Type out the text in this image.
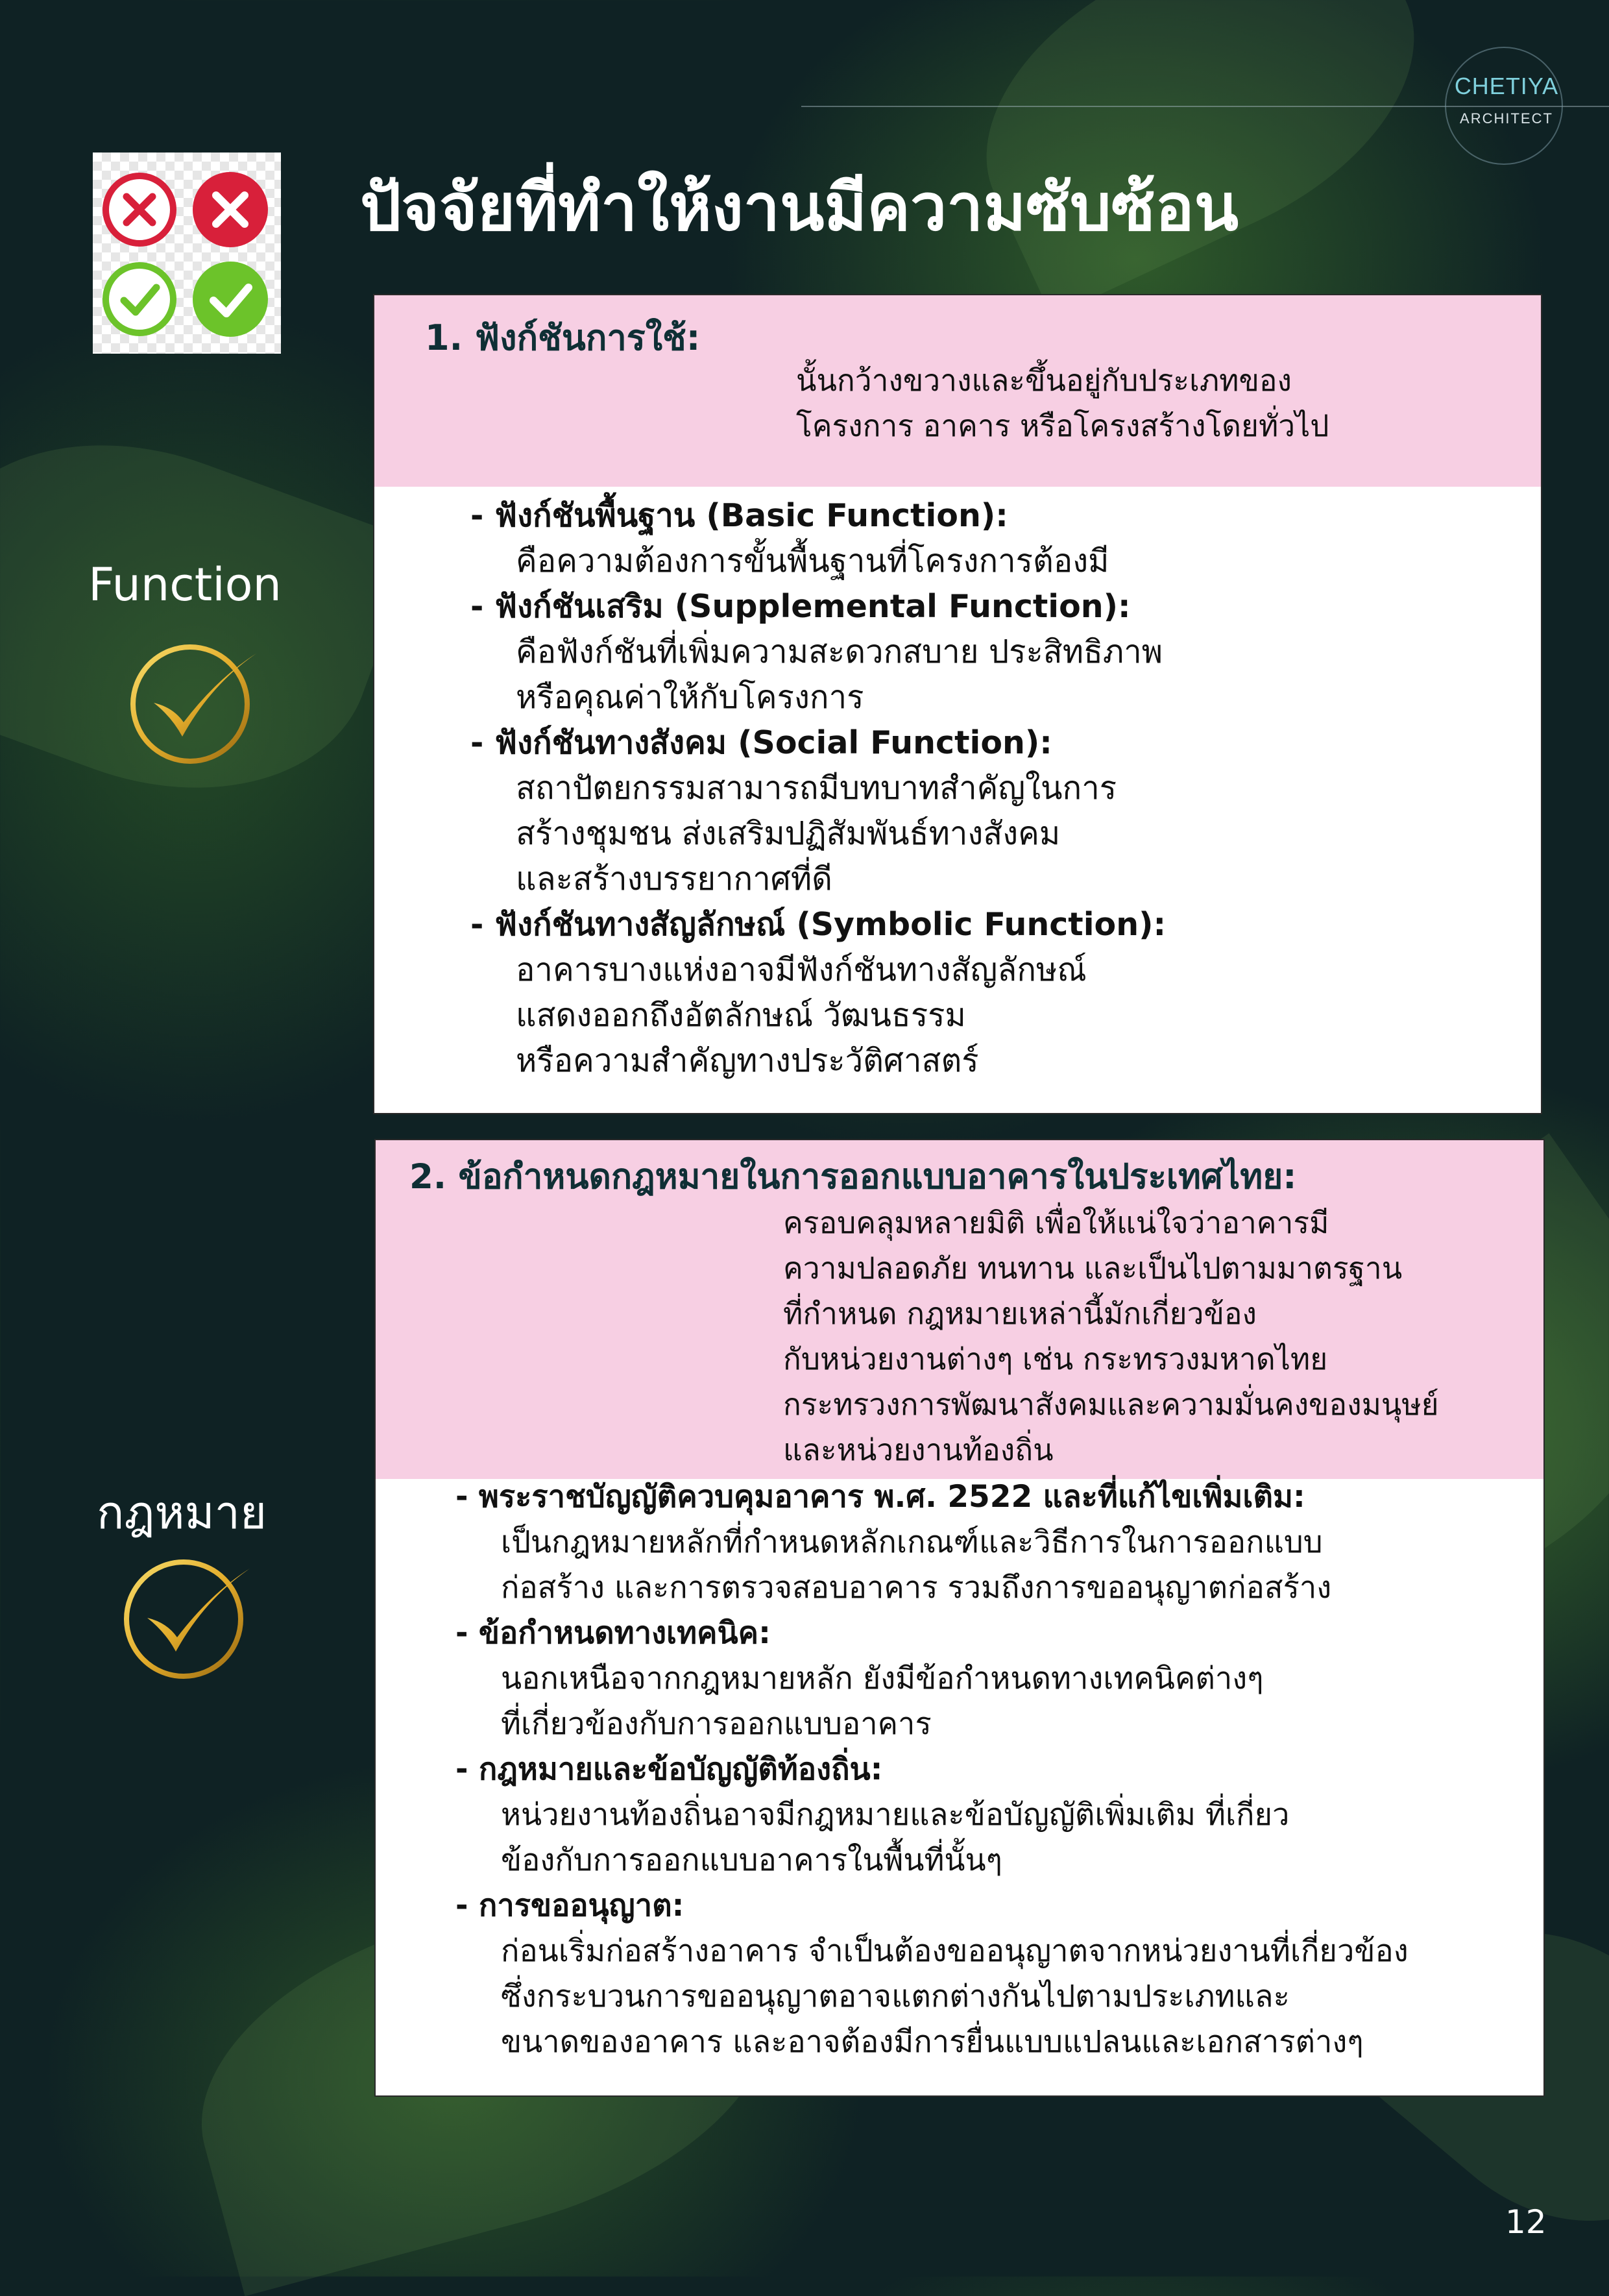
CHETIYA
ARCHITECT
ปัจจัยที่ทำให้งานมีความซับซ้อน
Function
กฎหมาย
1. ฟังก์ชันการใช้:
นั้นกว้างขวางและขึ้นอยู่กับประเภทของ
โครงการ อาคาร หรือโครงสร้างโดยทั่วไป
- ฟังก์ชันพื้นฐาน (Basic Function):
คือความต้องการขั้นพื้นฐานที่โครงการต้องมี
- ฟังก์ชันเสริม (Supplemental Function):
คือฟังก์ชันที่เพิ่มความสะดวกสบาย ประสิทธิภาพ
หรือคุณค่าให้กับโครงการ
- ฟังก์ชันทางสังคม (Social Function):
สถาปัตยกรรมสามารถมีบทบาทสำคัญในการ
สร้างชุมชน ส่งเสริมปฏิสัมพันธ์ทางสังคม
และสร้างบรรยากาศที่ดี
- ฟังก์ชันทางสัญลักษณ์ (Symbolic Function):
อาคารบางแห่งอาจมีฟังก์ชันทางสัญลักษณ์
แสดงออกถึงอัตลักษณ์ วัฒนธรรม
หรือความสำคัญทางประวัติศาสตร์
2. ข้อกำหนดกฎหมายในการออกแบบอาคารในประเทศไทย:
ครอบคลุมหลายมิติ เพื่อให้แน่ใจว่าอาคารมี
ความปลอดภัย ทนทาน และเป็นไปตามมาตรฐาน
ที่กำหนด กฎหมายเหล่านี้มักเกี่ยวข้อง
กับหน่วยงานต่างๆ เช่น กระทรวงมหาดไทย
กระทรวงการพัฒนาสังคมและความมั่นคงของมนุษย์
และหน่วยงานท้องถิ่น
- พระราชบัญญัติควบคุมอาคาร พ.ศ. 2522 และที่แก้ไขเพิ่มเติม:
เป็นกฎหมายหลักที่กำหนดหลักเกณฑ์และวิธีการในการออกแบบ
ก่อสร้าง และการตรวจสอบอาคาร รวมถึงการขออนุญาตก่อสร้าง
- ข้อกำหนดทางเทคนิค:
นอกเหนือจากกฎหมายหลัก ยังมีข้อกำหนดทางเทคนิคต่างๆ
ที่เกี่ยวข้องกับการออกแบบอาคาร
- กฎหมายและข้อบัญญัติท้องถิ่น:
หน่วยงานท้องถิ่นอาจมีกฎหมายและข้อบัญญัติเพิ่มเติม ที่เกี่ยว
ข้องกับการออกแบบอาคารในพื้นที่นั้นๆ
- การขออนุญาต:
ก่อนเริ่มก่อสร้างอาคาร จำเป็นต้องขออนุญาตจากหน่วยงานที่เกี่ยวข้อง
ซึ่งกระบวนการขออนุญาตอาจแตกต่างกันไปตามประเภทและ
ขนาดของอาคาร และอาจต้องมีการยื่นแบบแปลนและเอกสารต่างๆ
12
